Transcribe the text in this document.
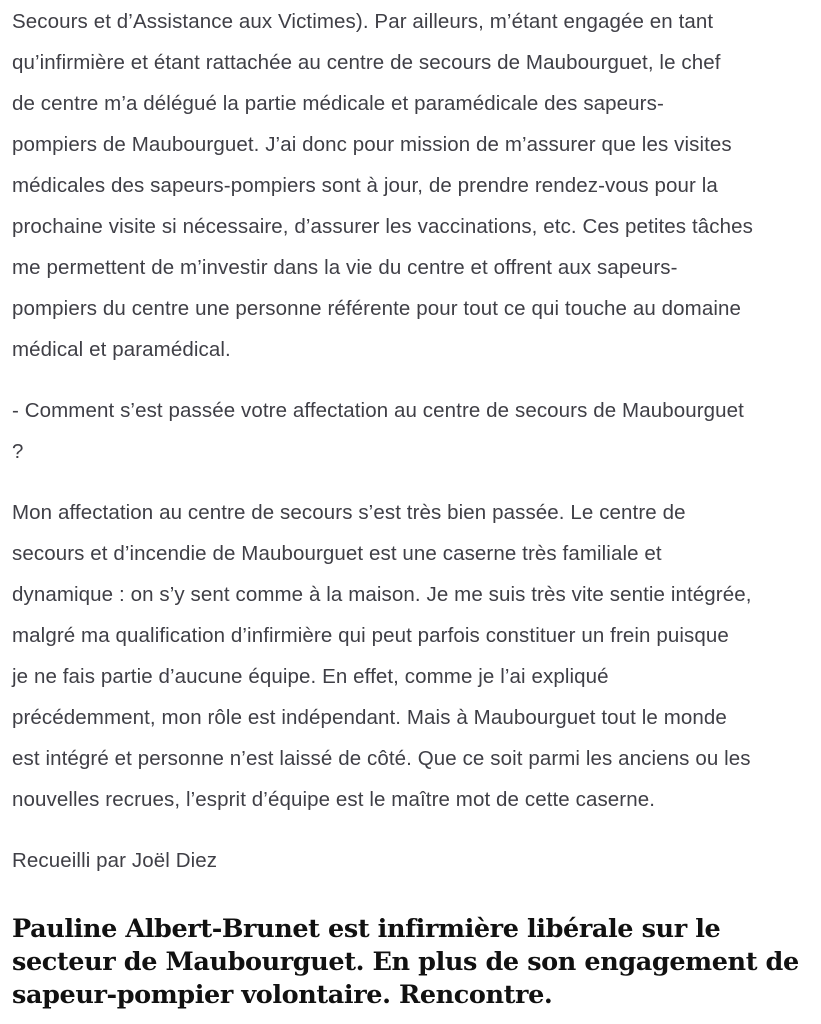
Secours et d’Assistance aux Victimes). Par ailleurs, m’étant engagée en tant
qu’infirmière et étant rattachée au centre de secours de Maubourguet, le chef
de centre m’a délégué la partie médicale et paramédicale des sapeurs-
pompiers de Maubourguet. J’ai donc pour mission de m’assurer que les visites
médicales des sapeurs-pompiers sont à jour, de prendre rendez-vous pour la
prochaine visite si nécessaire, d’assurer les vaccinations, etc. Ces petites tâches
me permettent de m’investir dans la vie du centre et offrent aux sapeurs-
pompiers du centre une personne référente pour tout ce qui touche au domaine
médical et paramédical.

- Comment s’est passée votre affectation au centre de secours de Maubourguet
?

Mon affectation au centre de secours s’est très bien passée. Le centre de
secours et d’incendie de Maubourguet est une caserne très familiale et
dynamique : on s’y sent comme à la maison. Je me suis très vite sentie intégrée,
malgré ma qualification d’infirmière qui peut parfois constituer un frein puisque
je ne fais partie d’aucune équipe. En effet, comme je l’ai expliqué
précédemment, mon rôle est indépendant. Mais à Maubourguet tout le monde
est intégré et personne n’est laissé de côté. Que ce soit parmi les anciens ou les
nouvelles recrues, l’esprit d’équipe est le maître mot de cette caserne.

Recueilli par Joël Diez

Pauline Albert-Brunet est infirmière libérale sur le
secteur de Maubourguet. En plus de son engagement de
sapeur-pompier volontaire. Rencontre.
